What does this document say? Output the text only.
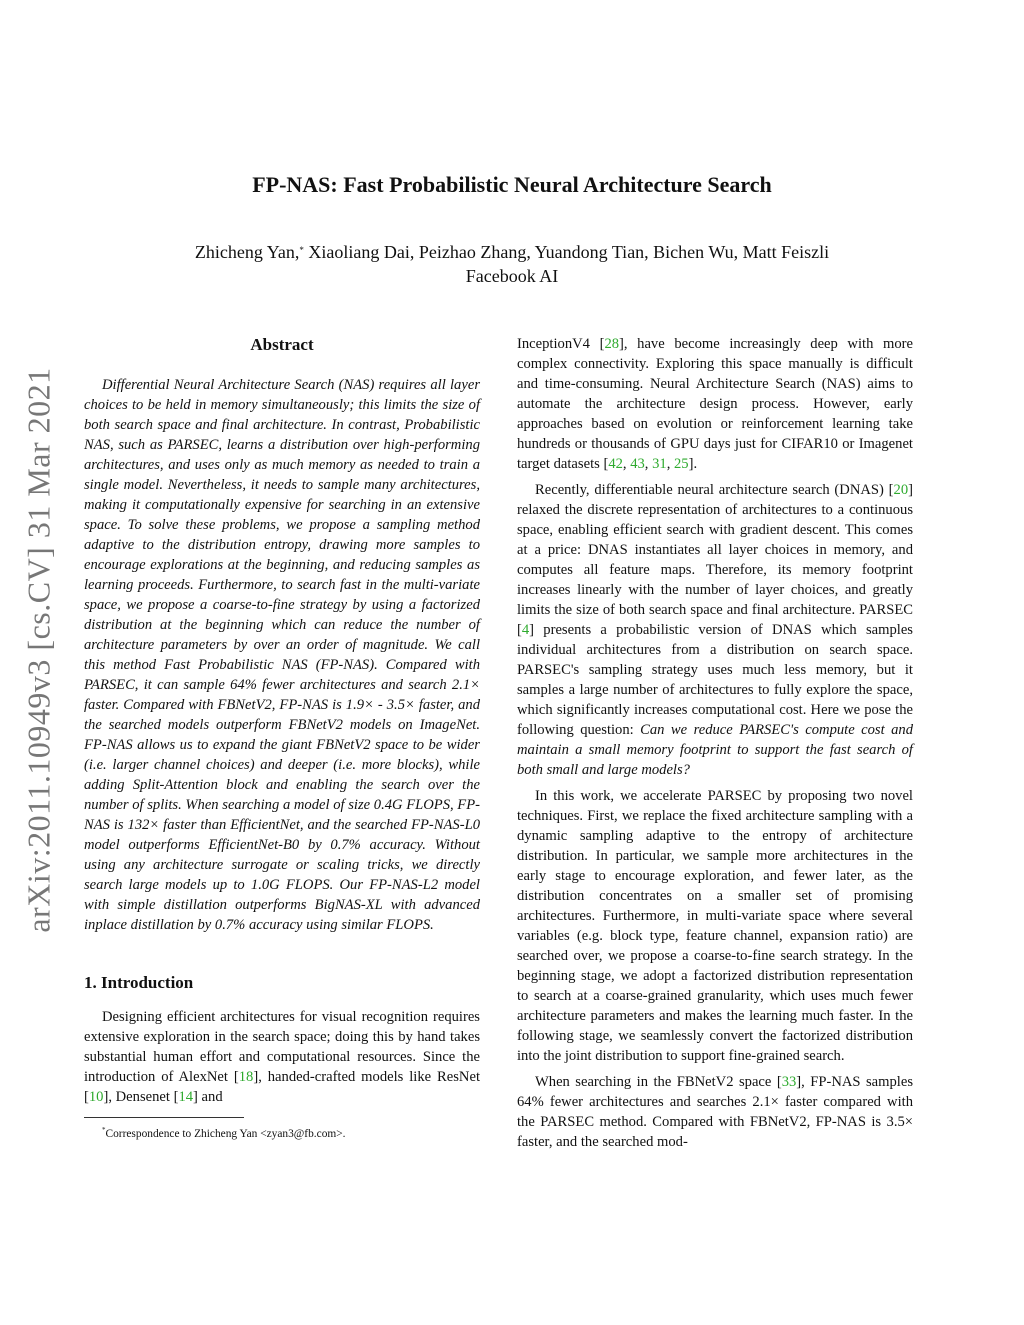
FP-NAS: Fast Probabilistic Neural Architecture Search
Zhicheng Yan,* Xiaoliang Dai, Peizhao Zhang, Yuandong Tian, Bichen Wu, Matt Feiszli
Facebook AI
arXiv:2011.10949v3 [cs.CV] 31 Mar 2021
Abstract

Differential Neural Architecture Search (NAS) requires all layer choices to be held in memory simultaneously; this limits the size of both search space and final architecture. In contrast, Probabilistic NAS, such as PARSEC, learns a distribution over high-performing architectures, and uses only as much memory as needed to train a single model. Nevertheless, it needs to sample many architectures, making it computationally expensive for searching in an extensive space. To solve these problems, we propose a sampling method adaptive to the distribution entropy, drawing more samples to encourage explorations at the beginning, and reducing samples as learning proceeds. Furthermore, to search fast in the multi-variate space, we propose a coarse-to-fine strategy by using a factorized distribution at the beginning which can reduce the number of architecture parameters by over an order of magnitude. We call this method Fast Probabilistic NAS (FP-NAS). Compared with PARSEC, it can sample 64% fewer architectures and search 2.1× faster. Compared with FBNetV2, FP-NAS is 1.9× - 3.5× faster, and the searched models outperform FBNetV2 models on ImageNet. FP-NAS allows us to expand the giant FBNetV2 space to be wider (i.e. larger channel choices) and deeper (i.e. more blocks), while adding Split-Attention block and enabling the search over the number of splits. When searching a model of size 0.4G FLOPS, FP-NAS is 132× faster than EfficientNet, and the searched FP-NAS-L0 model outperforms EfficientNet-B0 by 0.7% accuracy. Without using any architecture surrogate or scaling tricks, we directly search large models up to 1.0G FLOPS. Our FP-NAS-L2 model with simple distillation outperforms BigNAS-XL with advanced inplace distillation by 0.7% accuracy using similar FLOPS.

1. Introduction

Designing efficient architectures for visual recognition requires extensive exploration in the search space; doing this by hand takes substantial human effort and computational resources. Since the introduction of AlexNet [18], handed-crafted models like ResNet [10], Densenet [14] and

*Correspondence to Zhicheng Yan <zyan3@fb.com>.

InceptionV4 [28], have become increasingly deep with more complex connectivity. Exploring this space manually is difficult and time-consuming. Neural Architecture Search (NAS) aims to automate the architecture design process. However, early approaches based on evolution or reinforcement learning take hundreds or thousands of GPU days just for CIFAR10 or Imagenet target datasets [42, 43, 31, 25].

Recently, differentiable neural architecture search (DNAS) [20] relaxed the discrete representation of architectures to a continuous space, enabling efficient search with gradient descent. This comes at a price: DNAS instantiates all layer choices in memory, and computes all feature maps. Therefore, its memory footprint increases linearly with the number of layer choices, and greatly limits the size of both search space and final architecture. PARSEC [4] presents a probabilistic version of DNAS which samples individual architectures from a distribution on search space. PARSEC's sampling strategy uses much less memory, but it samples a large number of architectures to fully explore the space, which significantly increases computational cost. Here we pose the following question: Can we reduce PARSEC's compute cost and maintain a small memory footprint to support the fast search of both small and large models?

In this work, we accelerate PARSEC by proposing two novel techniques. First, we replace the fixed architecture sampling with a dynamic sampling adaptive to the entropy of architecture distribution. In particular, we sample more architectures in the early stage to encourage exploration, and fewer later, as the distribution concentrates on a smaller set of promising architectures. Furthermore, in multi-variate space where several variables (e.g. block type, feature channel, expansion ratio) are searched over, we propose a coarse-to-fine search strategy. In the beginning stage, we adopt a factorized distribution representation to search at a coarse-grained granularity, which uses much fewer architecture parameters and makes the learning much faster. In the following stage, we seamlessly convert the factorized distribution into the joint distribution to support fine-grained search.

When searching in the FBNetV2 space [33], FP-NAS samples 64% fewer architectures and searches 2.1× faster compared with the PARSEC method. Compared with FBNetV2, FP-NAS is 3.5× faster, and the searched mod-
